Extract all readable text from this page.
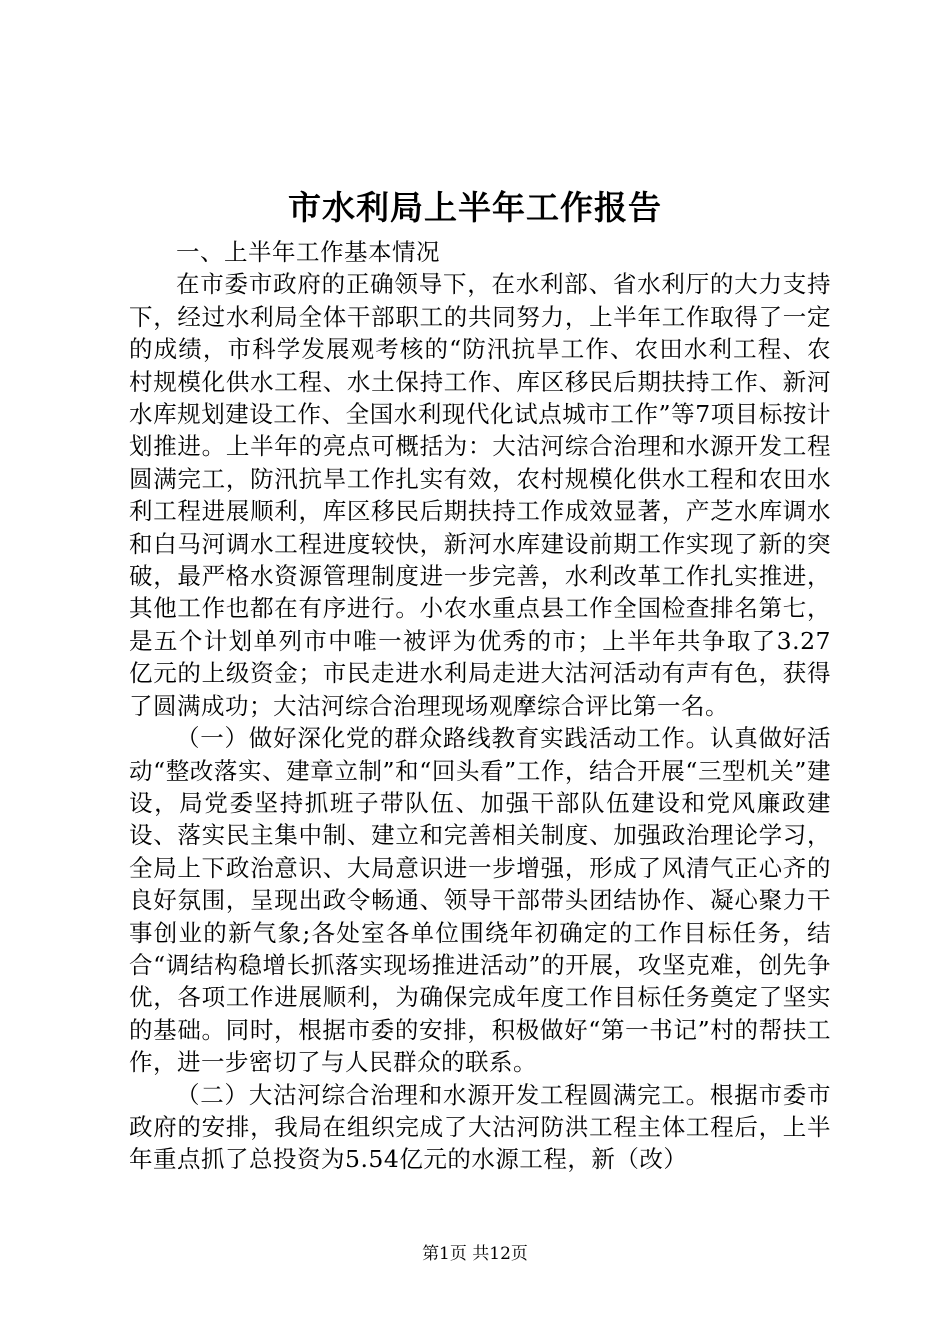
市水利局上半年工作报告

一、上半年工作基本情况

在市委市政府的正确领导下，在水利部、省水利厅的大力支持下，经过水利局全体干部职工的共同努力，上半年工作取得了一定的成绩，市科学发展观考核的“防汛抗旱工作、农田水利工程、农村规模化供水工程、水土保持工作、库区移民后期扶持工作、新河水库规划建设工作、全国水利现代化试点城市工作”等7项目标按计划推进。上半年的亮点可概括为：大沽河综合治理和水源开发工程圆满完工，防汛抗旱工作扎实有效，农村规模化供水工程和农田水利工程进展顺利，库区移民后期扶持工作成效显著，产芝水库调水和白马河调水工程进度较快，新河水库建设前期工作实现了新的突破，最严格水资源管理制度进一步完善，水利改革工作扎实推进，其他工作也都在有序进行。小农水重点县工作全国检查排名第七，是五个计划单列市中唯一被评为优秀的市；上半年共争取了3.27亿元的上级资金；市民走进水利局走进大沽河活动有声有色，获得了圆满成功；大沽河综合治理现场观摩综合评比第一名。

（一）做好深化党的群众路线教育实践活动工作。认真做好活动“整改落实、建章立制”和“回头看”工作，结合开展“三型机关”建设，局党委坚持抓班子带队伍、加强干部队伍建设和党风廉政建设、落实民主集中制、建立和完善相关制度、加强政治理论学习，全局上下政治意识、大局意识进一步增强，形成了风清气正心齐的良好氛围，呈现出政令畅通、领导干部带头团结协作、凝心聚力干事创业的新气象;各处室各单位围绕年初确定的工作目标任务，结合“调结构稳增长抓落实现场推进活动”的开展，攻坚克难，创先争优，各项工作进展顺利，为确保完成年度工作目标任务奠定了坚实的基础。同时，根据市委的安排，积极做好“第一书记”村的帮扶工作，进一步密切了与人民群众的联系。

（二）大沽河综合治理和水源开发工程圆满完工。根据市委市政府的安排，我局在组织完成了大沽河防洪工程主体工程后，上半年重点抓了总投资为5.54亿元的水源工程，新（改）

第1页 共12页
